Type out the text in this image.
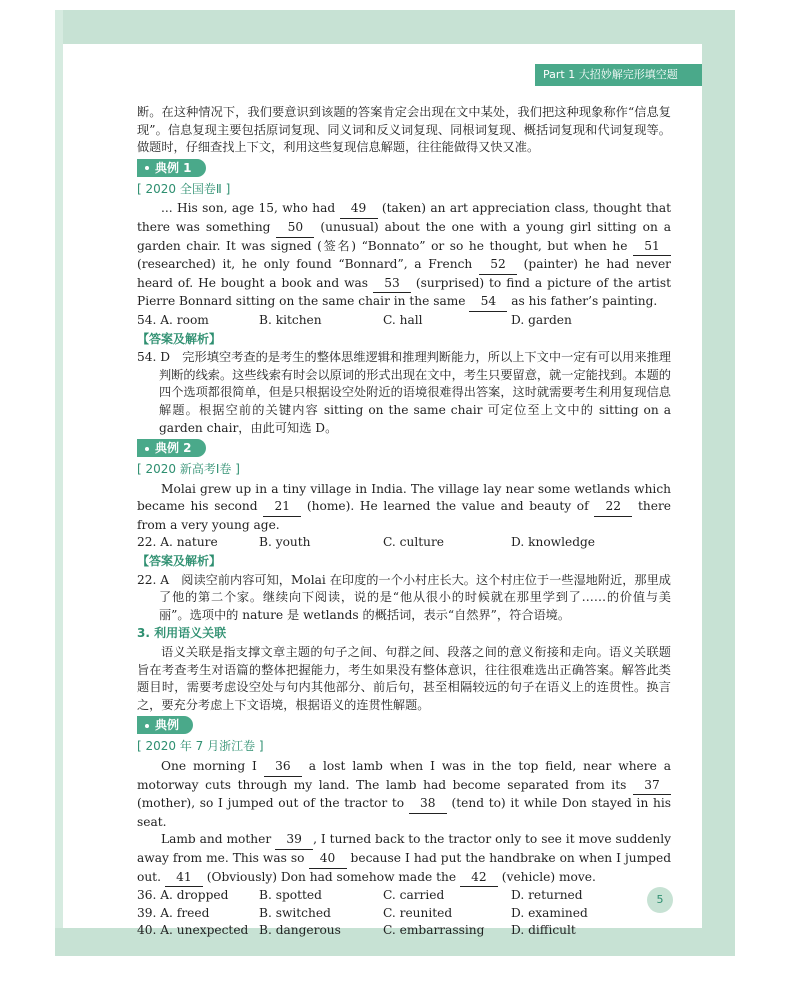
Part 1 大招妙解完形填空题

断。在这种情况下，我们要意识到该题的答案肯定会出现在文中某处，我们把这种现象称作“信息复现”。信息复现主要包括原词复现、同义词和反义词复现、同根词复现、概括词复现和代词复现等。做题时，仔细查找上下文，利用这些复现信息解题，往往能做得又快又准。

典例 1
[ 2020 全国卷Ⅱ ]

... His son, age 15, who had 49 (taken) an art appreciation class, thought that there was something 50 (unusual) about the one with a young girl sitting on a garden chair. It was signed (签名) “Bonnato” or so he thought, but when he 51 (researched) it, he only found “Bonnard”, a French 52 (painter) he had never heard of. He bought a book and was 53 (surprised) to find a picture of the artist Pierre Bonnard sitting on the same chair in the same 54 as his father’s painting.

54. A. room	B. kitchen	C. hall	D. garden
【答案及解析】

54. D　完形填空考查的是考生的整体思维逻辑和推理判断能力，所以上下文中一定有可以用来推理判断的线索。这些线索有时会以原词的形式出现在文中，考生只要留意，就一定能找到。本题的四个选项都很简单，但是只根据设空处附近的语境很难得出答案，这时就需要考生利用复现信息解题。根据空前的关键内容 sitting on the same chair 可定位至上文中的 sitting on a garden chair，由此可知选 D。

典例 2
[ 2020 新高考Ⅰ卷 ]

Molai grew up in a tiny village in India. The village lay near some wetlands which became his second 21 (home). He learned the value and beauty of 22 there from a very young age.

22. A. nature	B. youth	C. culture	D. knowledge
【答案及解析】

22. A　阅读空前内容可知，Molai 在印度的一个小村庄长大。这个村庄位于一些湿地附近，那里成了他的第二个家。继续向下阅读，说的是“他从很小的时候就在那里学到了……的价值与美丽”。选项中的 nature 是 wetlands 的概括词，表示“自然界”，符合语境。

3. 利用语义关联

语义关联是指支撑文章主题的句子之间、句群之间、段落之间的意义衔接和走向。语义关联题旨在考查考生对语篇的整体把握能力，考生如果没有整体意识，往往很难选出正确答案。解答此类题目时，需要考虑设空处与句内其他部分、前后句，甚至相隔较远的句子在语义上的连贯性。换言之，要充分考虑上下文语境，根据语义的连贯性解题。

典例
[ 2020 年 7 月浙江卷 ]

One morning I 36 a lost lamb when I was in the top field, near where a motorway cuts through my land. The lamb had become separated from its 37 (mother), so I jumped out of the tractor to 38 (tend to) it while Don stayed in his seat.

Lamb and mother 39 , I turned back to the tractor only to see it move suddenly away from me. This was so 40 because I had put the handbrake on when I jumped out. 41 (Obviously) Don had somehow made the 42 (vehicle) move.

36. A. dropped	B. spotted	C. carried	D. returned
39. A. freed	B. switched	C. reunited	D. examined
40. A. unexpected B. dangerous	C. embarrassing	D. difficult
5
